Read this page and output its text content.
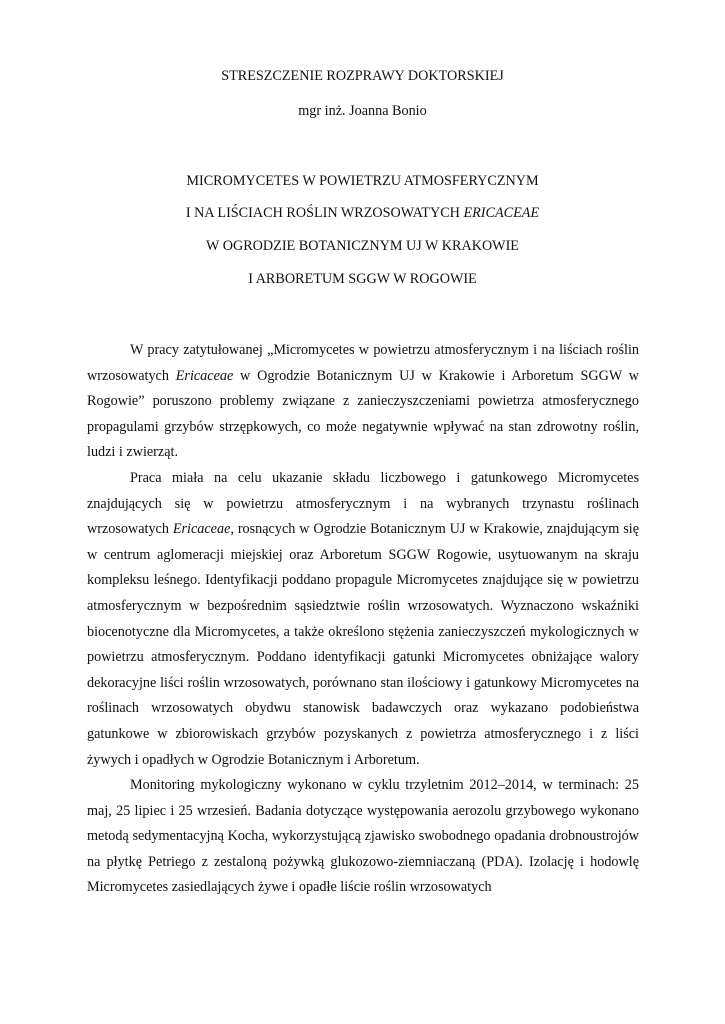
STRESZCZENIE ROZPRAWY DOKTORSKIEJ
mgr inż. Joanna Bonio
MICROMYCETES W POWIETRZU ATMOSFERYCZNYM
I NA LIŚCIACH ROŚLIN WRZOSOWATYCH ERICACEAE
W OGRODZIE BOTANICZNYM UJ W KRAKOWIE
I ARBORETUM SGGW W ROGOWIE

W pracy zatytułowanej „Micromycetes w powietrzu atmosferycznym i na liściach roślin wrzosowatych Ericaceae w Ogrodzie Botanicznym UJ w Krakowie i Arboretum SGGW w Rogowie” poruszono problemy związane z zanieczyszczeniami powietrza atmosferycznego propagulami grzybów strzępkowych, co może negatywnie wpływać na stan zdrowotny roślin, ludzi i zwierząt.

Praca miała na celu ukazanie składu liczbowego i gatunkowego Micromycetes znajdujących się w powietrzu atmosferycznym i na wybranych trzynastu roślinach wrzosowatych Ericaceae, rosnących w Ogrodzie Botanicznym UJ w Krakowie, znajdującym się w centrum aglomeracji miejskiej oraz Arboretum SGGW Rogowie, usytuowanym na skraju kompleksu leśnego. Identyfikacji poddano propagule Micromycetes znajdujące się w powietrzu atmosferycznym w bezpośrednim sąsiedztwie roślin wrzosowatych. Wyznaczono wskaźniki biocenotyczne dla Micromycetes, a także określono stężenia zanieczyszczeń mykologicznych w powietrzu atmosferycznym. Poddano identyfikacji gatunki Micromycetes obniżające walory dekoracyjne liści roślin wrzosowatych, porównano stan ilościowy i gatunkowy Micromycetes na roślinach wrzosowatych obydwu stanowisk badawczych oraz wykazano podobieństwa gatunkowe w zbiorowiskach grzybów pozyskanych z powietrza atmosferycznego i z liści żywych i opadłych w Ogrodzie Botanicznym i Arboretum.

Monitoring mykologiczny wykonano w cyklu trzyletnim 2012–2014, w terminach: 25 maj, 25 lipiec i 25 wrzesień. Badania dotyczące występowania aerozolu grzybowego wykonano metodą sedymentacyjną Kocha, wykorzystującą zjawisko swobodnego opadania drobnoustrojów na płytkę Petriego z zestaloną pożywką glukozowo-ziemniaczaną (PDA). Izolację i hodowlę Micromycetes zasiedlających żywe i opadłe liście roślin wrzosowatych
